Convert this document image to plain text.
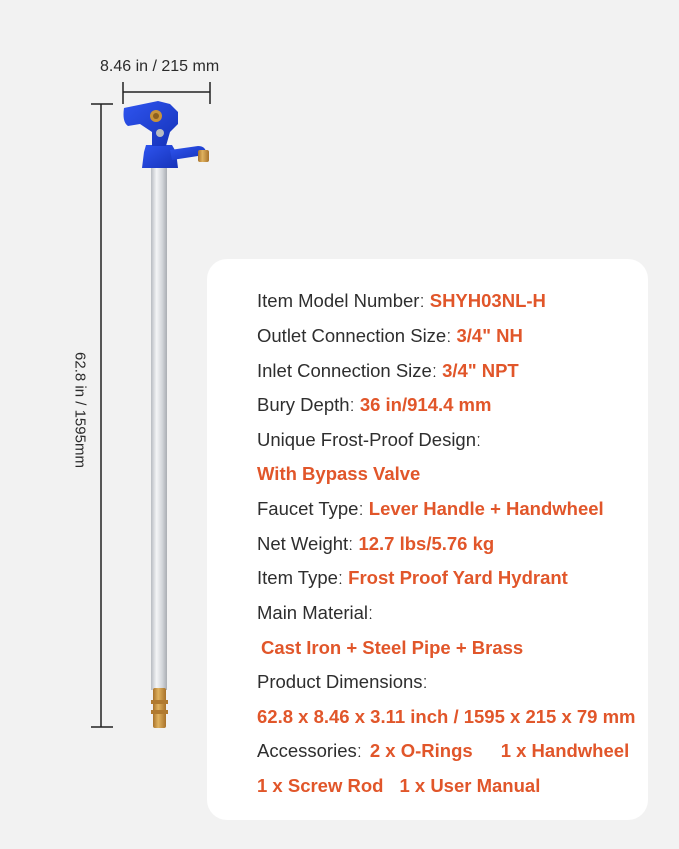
8.46 in / 215 mm
62.8 in / 1595mm
Item Model Numberː SHYH03NL-H
Outlet Connection Sizeː 3/4" NH
Inlet Connection Sizeː 3/4" NPT
Bury Depthː 36 in/914.4 mm
Unique Frost-Proof Designː
With Bypass Valve
Faucet Typeː Lever Handle + Handwheel
Net Weightː 12.7 lbs/5.76 kg
Item Typeː Frost Proof Yard Hydrant
Main Materialː
Cast Iron + Steel Pipe + Brass
Product Dimensionsː
62.8 x 8.46 x 3.11 inch / 1595 x 215 x 79 mm
Accessoriesː 2 x O-Rings 1 x Handwheel
1 x Screw Rod 1 x User Manual
